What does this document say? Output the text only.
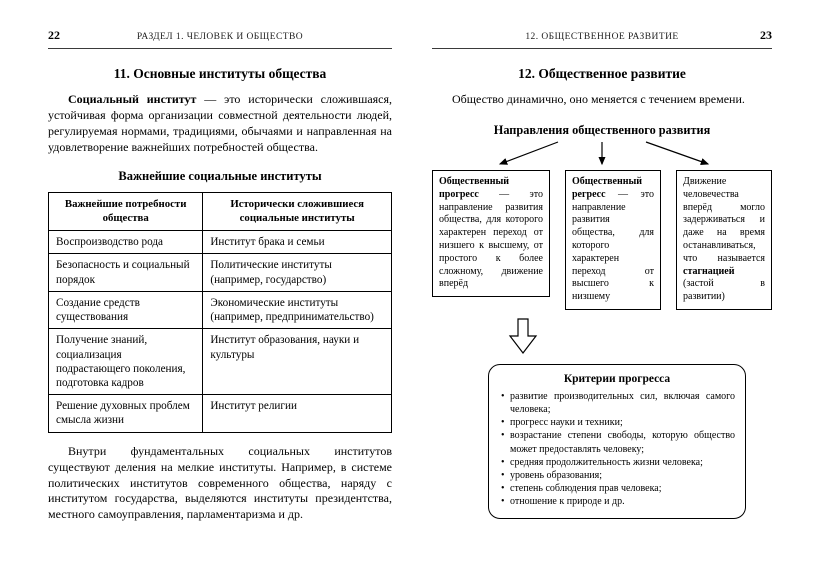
22	РАЗДЕЛ 1. ЧЕЛОВЕК И ОБЩЕСТВО
11. Основные институты общества

Социальный институт — это исторически сложившаяся, устойчивая форма организации совместной деятельности людей, регулируемая нормами, традициями, обычаями и направленная на удовлетворение важнейших потребностей общества.

Важнейшие социальные институты
Важнейшие потребности общества	Исторически сложившиеся социальные институты
Воспроизводство рода	Институт брака и семьи
Безопасность и социальный порядок	Политические институты (например, государство)
Создание средств существования	Экономические институты (например, предпринимательство)
Получение знаний, социализация подрастающего поколения, подготовка кадров	Институт образования, науки и культуры
Решение духовных проблем смысла жизни	Институт религии

Внутри фундаментальных социальных институтов существуют деления на мелкие институты. Например, в системе политических институтов современного общества, наряду с институтом государства, выделяются институты президентства, местного самоуправления, парламентаризма и др.

12. ОБЩЕСТВЕННОЕ РАЗВИТИЕ	23
12. Общественное развитие

Общество динамично, оно меняется с течением времени.

Направления общественного развития
Общественный прогресс — это направление развития общества, для которого характерен переход от низшего к высшему, от простого к более сложному, движение вперёд
Общественный регресс — это направление развития общества, для которого характерен переход от высшего к низшему
Движение человечества вперёд могло задерживаться и даже на время останавливаться, что называется стагнацией (застой в развитии)
Критерии прогресса
• развитие производительных сил, включая самого человека;
• прогресс науки и техники;
• возрастание степени свободы, которую общество может предоставлять человеку;
• средняя продолжительность жизни человека;
• уровень образования;
• степень соблюдения прав человека;
• отношение к природе и др.
